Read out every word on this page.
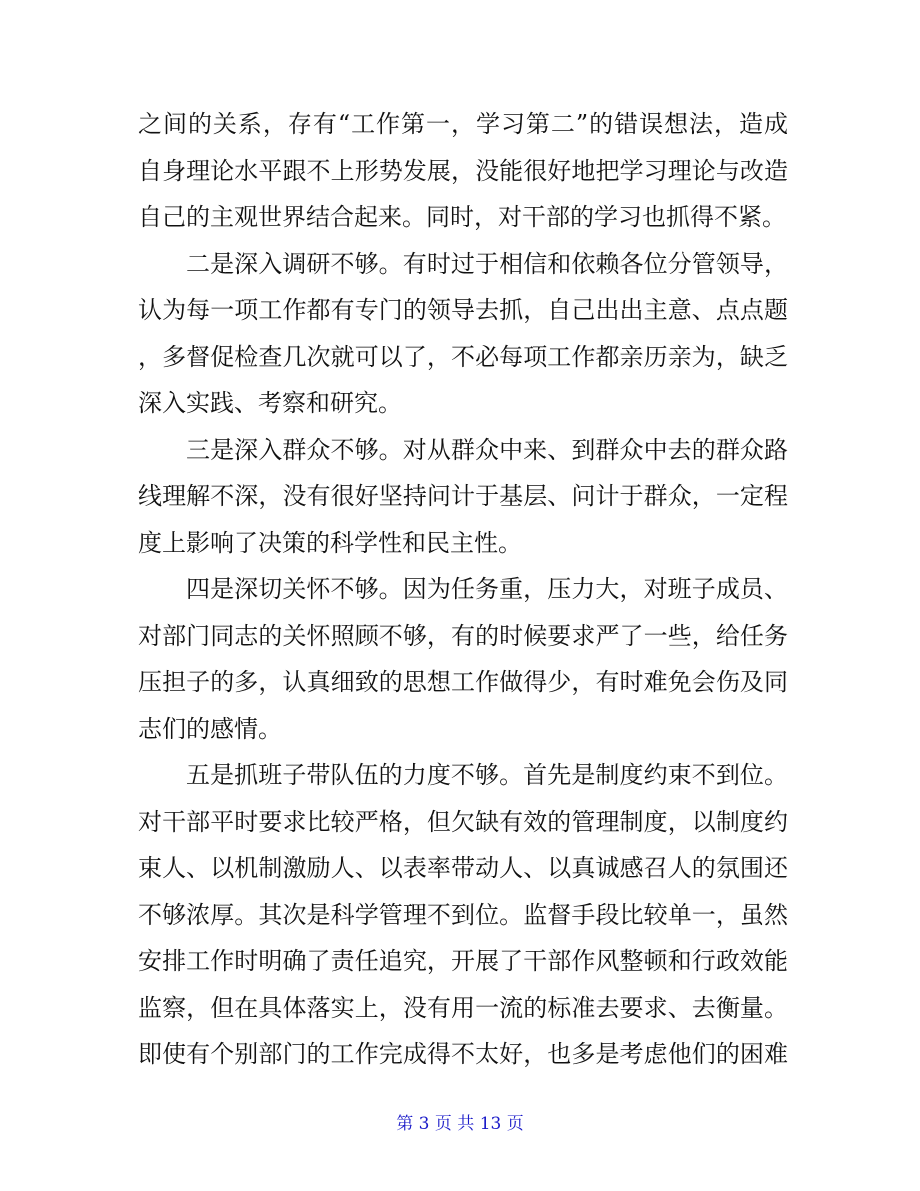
之间的关系，存有“工作第一，学习第二”的错误想法，造成
自身理论水平跟不上形势发展，没能很好地把学习理论与改造
自己的主观世界结合起来。同时，对干部的学习也抓得不紧。
二是深入调研不够。有时过于相信和依赖各位分管领导，
认为每一项工作都有专门的领导去抓，自己出出主意、点点题
，多督促检查几次就可以了，不必每项工作都亲历亲为，缺乏
深入实践、考察和研究。
三是深入群众不够。对从群众中来、到群众中去的群众路
线理解不深，没有很好坚持问计于基层、问计于群众，一定程
度上影响了决策的科学性和民主性。
四是深切关怀不够。因为任务重，压力大，对班子成员、
对部门同志的关怀照顾不够，有的时候要求严了一些，给任务
压担子的多，认真细致的思想工作做得少，有时难免会伤及同
志们的感情。
五是抓班子带队伍的力度不够。首先是制度约束不到位。
对干部平时要求比较严格，但欠缺有效的管理制度，以制度约
束人、以机制激励人、以表率带动人、以真诚感召人的氛围还
不够浓厚。其次是科学管理不到位。监督手段比较单一，虽然
安排工作时明确了责任追究，开展了干部作风整顿和行政效能
监察，但在具体落实上，没有用一流的标准去要求、去衡量。
即使有个别部门的工作完成得不太好，也多是考虑他们的困难
第 3 页 共 13 页
